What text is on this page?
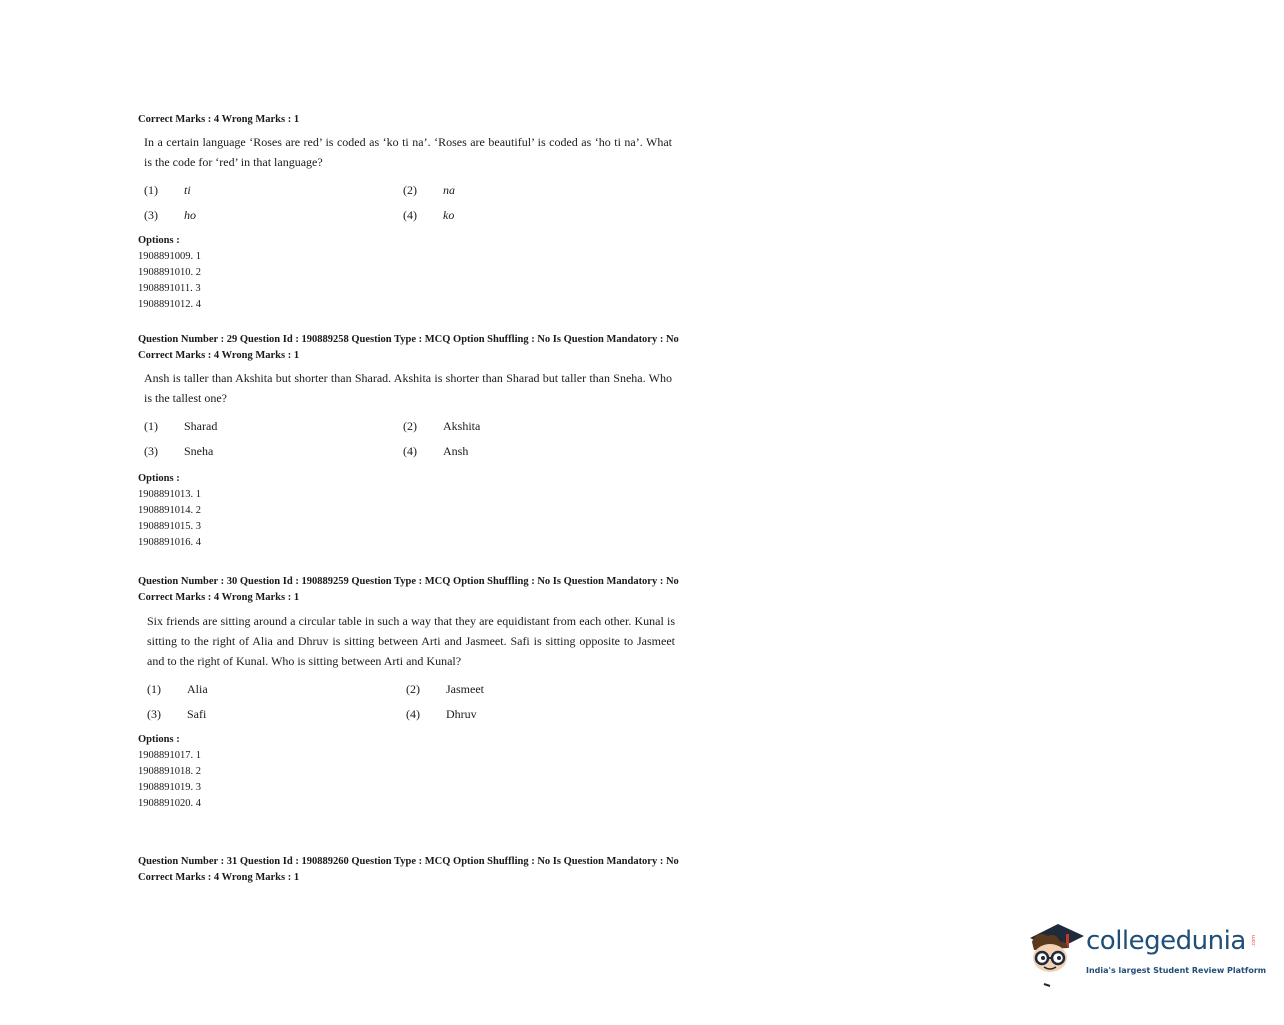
Correct Marks : 4 Wrong Marks : 1
In a certain language ‘Roses are red’ is coded as ‘ko ti na’. ‘Roses are beautiful’ is coded as ‘ho ti na’. What is the code for ‘red’ in that language?
(1) ti	(2) na
(3) ho	(4) ko
Options :
1908891009. 1
1908891010. 2
1908891011. 3
1908891012. 4
Question Number : 29 Question Id : 190889258 Question Type : MCQ Option Shuffling : No Is Question Mandatory : No
Correct Marks : 4 Wrong Marks : 1
Ansh is taller than Akshita but shorter than Sharad. Akshita is shorter than Sharad but taller than Sneha. Who is the tallest one?
(1) Sharad	(2) Akshita
(3) Sneha	(4) Ansh
Options :
1908891013. 1
1908891014. 2
1908891015. 3
1908891016. 4
Question Number : 30 Question Id : 190889259 Question Type : MCQ Option Shuffling : No Is Question Mandatory : No
Correct Marks : 4 Wrong Marks : 1
Six friends are sitting around a circular table in such a way that they are equidistant from each other. Kunal is sitting to the right of Alia and Dhruv is sitting between Arti and Jasmeet. Safi is sitting opposite to Jasmeet and to the right of Kunal. Who is sitting between Arti and Kunal?
(1) Alia	(2) Jasmeet
(3) Safi	(4) Dhruv
Options :
1908891017. 1
1908891018. 2
1908891019. 3
1908891020. 4
Question Number : 31 Question Id : 190889260 Question Type : MCQ Option Shuffling : No Is Question Mandatory : No
Correct Marks : 4 Wrong Marks : 1
collegedunia .com
India's largest Student Review Platform
